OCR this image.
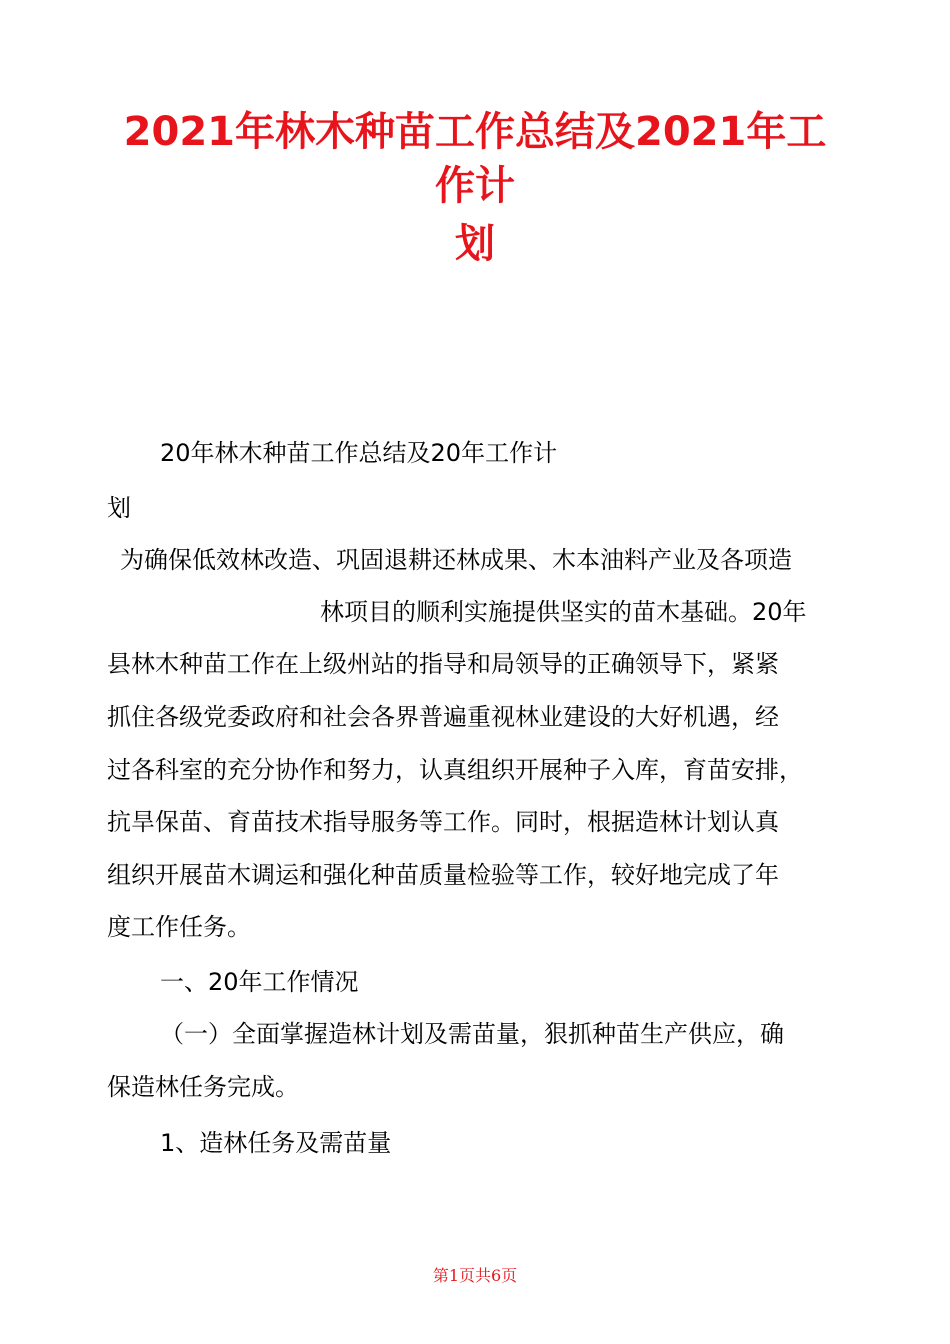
2021年林木种苗工作总结及2021年工
作计
划
20年林木种苗工作总结及20年工作计
划
为确保低效林改造、巩固退耕还林成果、木本油料产业及各项造
林项目的顺利实施提供坚实的苗木基础。20年
县林木种苗工作在上级州站的指导和局领导的正确领导下，紧紧
抓住各级党委政府和社会各界普遍重视林业建设的大好机遇，经
过各科室的充分协作和努力，认真组织开展种子入库，育苗安排，
抗旱保苗、育苗技术指导服务等工作。同时，根据造林计划认真
组织开展苗木调运和强化种苗质量检验等工作，较好地完成了年
度工作任务。
一、20年工作情况
（一）全面掌握造林计划及需苗量，狠抓种苗生产供应，确
保造林任务完成。
1、造林任务及需苗量
第1页共6页
